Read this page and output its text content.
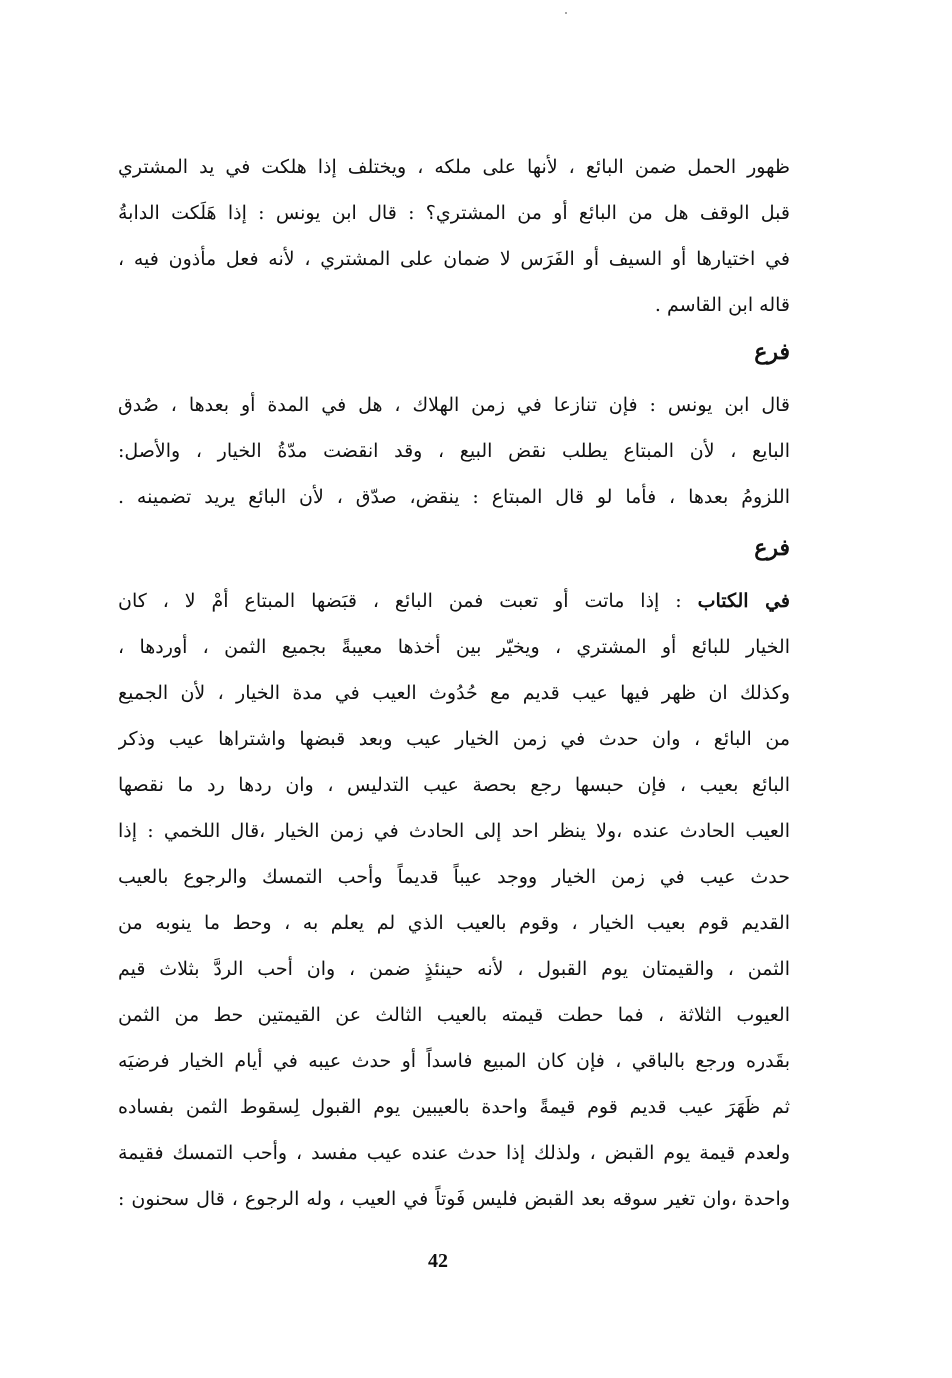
ظهور الحمل ضمن البائع ، لأنها على ملكه ، ويختلف إذا هلكت في يد المشتري
قبل الوقف هل من البائع أو من المشتري؟ : قال ابن يونس : إذا هَلَكت الدابةُ
في اختيارها أو السيف أو الفَرَس لا ضمان على المشتري ، لأنه فعل مأذون فيه ،
قاله ابن القاسم .
فرع
قال ابن يونس : فإن تنازعا في زمن الهلاك ، هل في المدة أو بعدها ، صُدق
البايع ، لأن المبتاع يطلب نقض البيع ، وقد انقضت مدّةُ الخيار ، والأصل:
اللزومُ بعدها ، فأما لو قال المبتاع : ينقض، صدّق ، لأن البائع يريد تضمينه .
فرع
في الكتاب : إذا ماتت أو تعبت فمن البائع ، قبَضها المبتاع أمْ لا ، كان
الخيار للبائع أو المشتري ، ويخيّر بين أخذها معيبةً بجميع الثمن ، أوردها ،
وكذلك ان ظهر فيها عيب قديم مع حُدُوث العيب في مدة الخيار ، لأن الجميع
من البائع ، وان حدث في زمن الخيار عيب وبعد قبضها واشتراها عيب وذكر
البائع بعيب ، فإن حبسها رجع بحصة عيب التدليس ، وان ردها رد ما نقصها
العيب الحادث عنده ،ولا ينظر احد إلى الحادث في زمن الخيار ،قال اللخمي : إذا
حدث عيب في زمن الخيار ووجد عيباً قديماً وأحب التمسك والرجوع بالعيب
القديم قوم بعيب الخيار ، وقوم بالعيب الذي لم يعلم به ، وحط ما ينوبه من
الثمن ، والقيمتان يوم القبول ، لأنه حينئذٍ ضمن ، وان أحب الردَّ بثلاث قيم
العيوب الثلاثة ، فما حطت قيمته بالعيب الثالث عن القيمتين حط من الثمن
بقَدره ورجع بالباقي ، فإن كان المبيع فاسداً أو حدث عيبه في أيام الخيار فرضيَه
ثم ظَهَرَ عيب قديم قوم قيمةً واحدة بالعيبين يوم القبول لِسقوط الثمن بفساده
ولعدم قيمة يوم القبض ، ولذلك إذا حدث عنده عيب مفسد ، وأحب التمسك فقيمة
واحدة ،وان تغير سوقه بعد القبض فليس فَوتاً في العيب ، وله الرجوع ، قال سحنون :
42
